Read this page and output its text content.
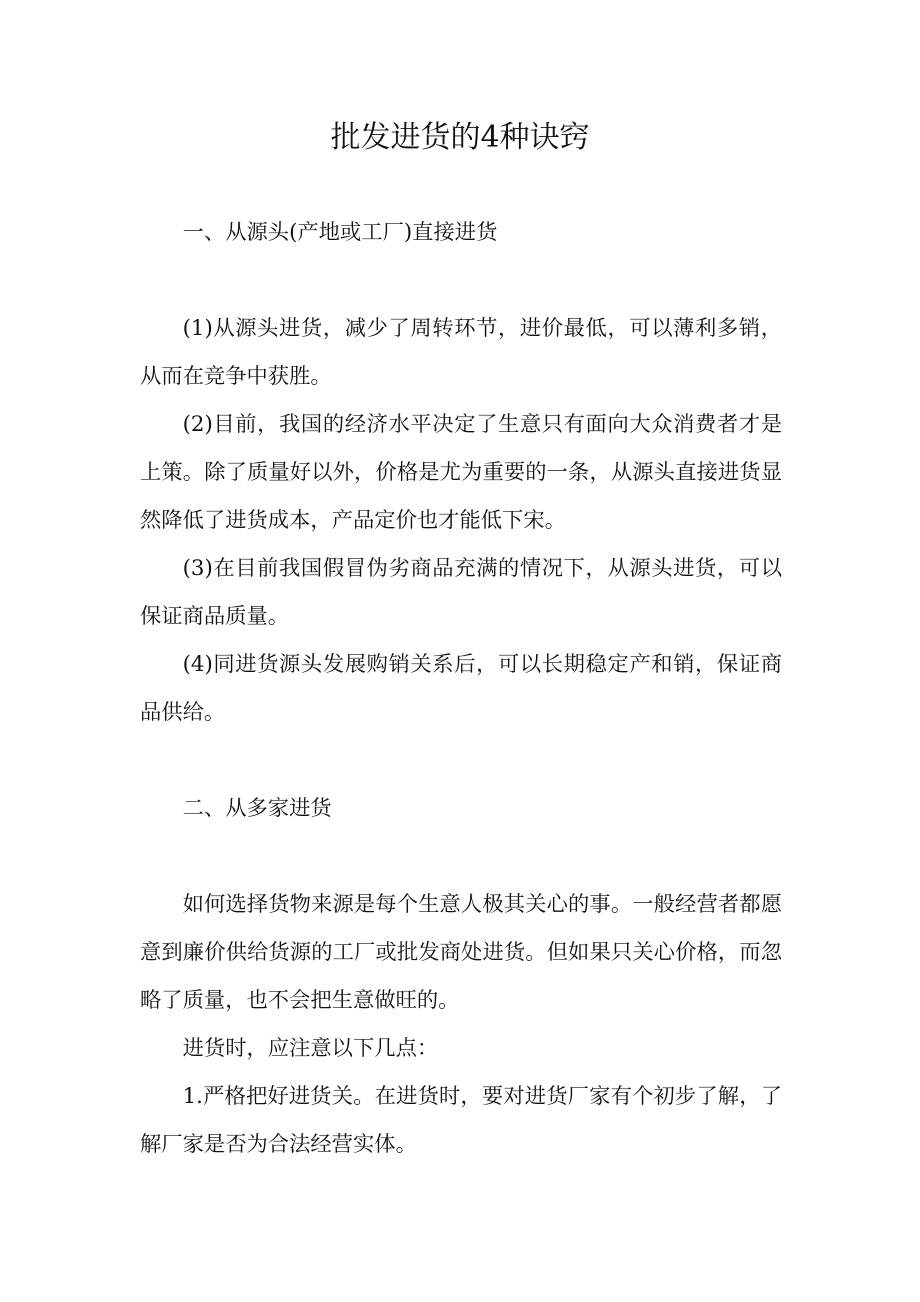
批发进货的4种诀窍

一、从源头(产地或工厂)直接进货

(1)从源头进货，减少了周转环节，进价最低，可以薄利多销，从而在竞争中获胜。

(2)目前，我国的经济水平决定了生意只有面向大众消费者才是上策。除了质量好以外，价格是尤为重要的一条，从源头直接进货显然降低了进货成本，产品定价也才能低下宋。

(3)在目前我国假冒伪劣商品充满的情况下，从源头进货，可以保证商品质量。

(4)同进货源头发展购销关系后，可以长期稳定产和销，保证商品供给。

二、从多家进货

如何选择货物来源是每个生意人极其关心的事。一般经营者都愿意到廉价供给货源的工厂或批发商处进货。但如果只关心价格，而忽略了质量，也不会把生意做旺的。

进货时，应注意以下几点：

1.严格把好进货关。在进货时，要对进货厂家有个初步了解，了解厂家是否为合法经营实体。
